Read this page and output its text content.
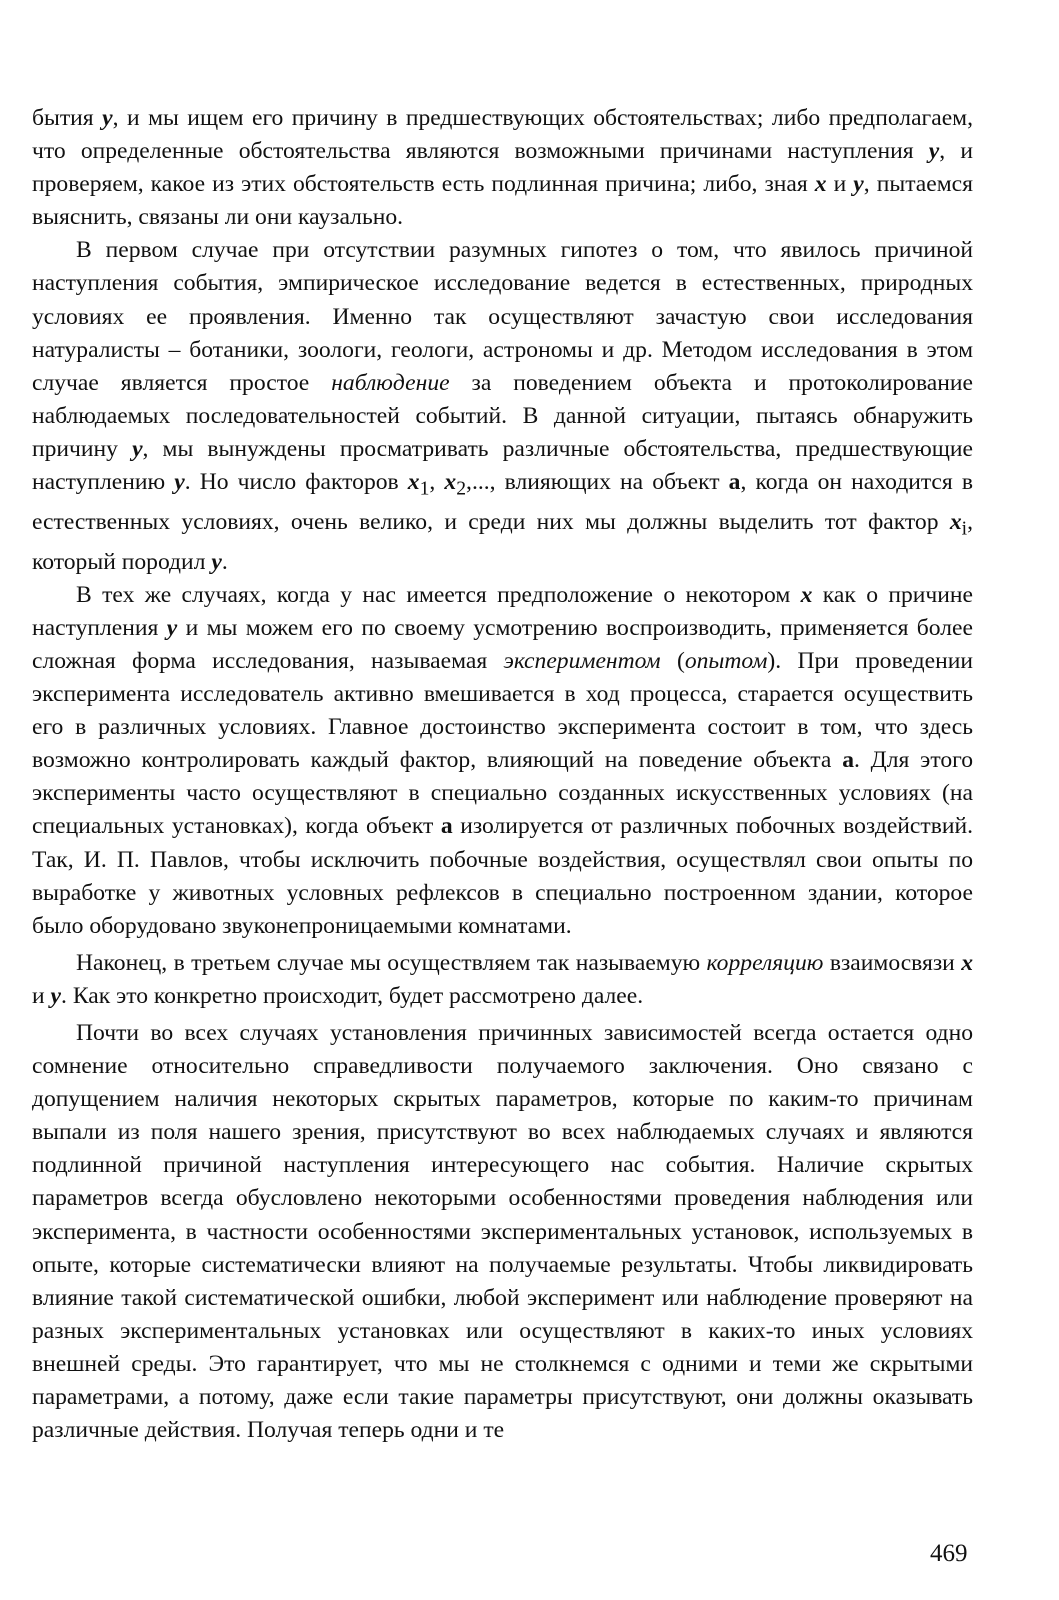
бытия y, и мы ищем его причину в предшествующих обстоятельствах; либо предполагаем, что определенные обстоятельства являются возможными причинами наступления y, и проверяем, какое из этих обстоятельств есть подлинная причина; либо, зная x и y, пытаемся выяснить, связаны ли они каузально.

В первом случае при отсутствии разумных гипотез о том, что явилось причиной наступления события, эмпирическое исследование ведется в естественных, природных условиях ее проявления. Именно так осуществляют зачастую свои исследования натуралисты – ботаники, зоологи, геологи, астрономы и др. Методом исследования в этом случае является простое наблюдение за поведением объекта и протоколирование наблюдаемых последовательностей событий. В данной ситуации, пытаясь обнаружить причину y, мы вынуждены просматривать различные обстоятельства, предшествующие наступлению y. Но число факторов $x_1$, $x_2$,..., влияющих на объект а, когда он находится в естественных условиях, очень велико, и среди них мы должны выделить тот фактор $x_i$, который породил y.

В тех же случаях, когда у нас имеется предположение о некотором x как о причине наступления y и мы можем его по своему усмотрению воспроизводить, применяется более сложная форма исследования, называемая экспериментом (опытом). При проведении эксперимента исследователь активно вмешивается в ход процесса, старается осуществить его в различных условиях. Главное достоинство эксперимента состоит в том, что здесь возможно контролировать каждый фактор, влияющий на поведение объекта а. Для этого эксперименты часто осуществляют в специально созданных искусственных условиях (на специальных установках), когда объект а изолируется от различных побочных воздействий. Так, И. П. Павлов, чтобы исключить побочные воздействия, осуществлял свои опыты по выработке у животных условных рефлексов в специально построенном здании, которое было оборудовано звуконепроницаемыми комнатами.

Наконец, в третьем случае мы осуществляем так называемую корреляцию взаимосвязи x и y. Как это конкретно происходит, будет рассмотрено далее.

Почти во всех случаях установления причинных зависимостей всегда остается одно сомнение относительно справедливости получаемого заключения. Оно связано с допущением наличия некоторых скрытых параметров, которые по каким-то причинам выпали из поля нашего зрения, присутствуют во всех наблюдаемых случаях и являются подлинной причиной наступления интересующего нас события. Наличие скрытых параметров всегда обусловлено некоторыми особенностями проведения наблюдения или эксперимента, в частности особенностями экспериментальных установок, используемых в опыте, которые систематически влияют на получаемые результаты. Чтобы ликвидировать влияние такой систематической ошибки, любой эксперимент или наблюдение проверяют на разных экспериментальных установках или осуществляют в каких-то иных условиях внешней среды. Это гарантирует, что мы не столкнемся с одними и теми же скрытыми параметрами, а потому, даже если такие параметры присутствуют, они должны оказывать различные действия. Получая теперь одни и те

469
